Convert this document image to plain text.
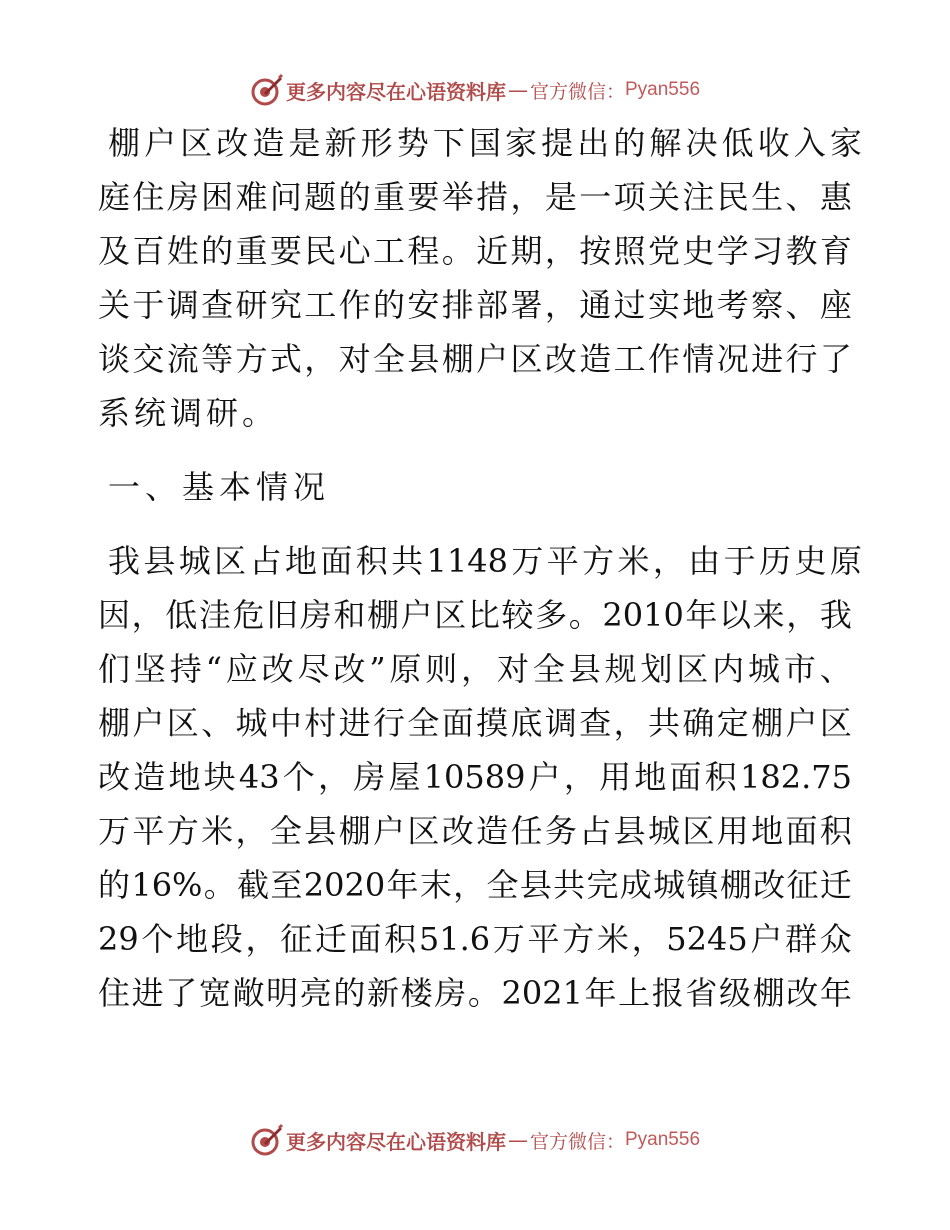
更多内容尽在心语资料库 — 官方微信： Pyan556
棚 户 区 改 造 是 新 形 势 下 国 家 提 出 的 解 决 低 收 入 家
庭 住 房 困 难 问 题 的 重 要 举 措 ， 是 一 项 关 注 民 生 、 惠
及 百 姓 的 重 要 民 心 工 程 。 近 期 ， 按 照 党 史 学 习 教 育
关 于 调 查 研 究 工 作 的 安 排 部 署 ， 通 过 实 地 考 察 、 座
谈 交 流 等 方 式 ， 对 全 县 棚 户 区 改 造 工 作 情 况 进 行 了
系统调研。
一、基本情况
我 县 城 区 占 地 面 积 共 1148 万 平 方 米 ， 由 于 历 史 原
因 ， 低 洼 危 旧 房 和 棚 户 区 比 较 多 。 2010 年 以 来 ， 我
们 坚 持 “ 应 改 尽 改 ” 原 则 ， 对 全 县 规 划 区 内 城 市 、
棚 户 区 、 城 中 村 进 行 全 面 摸 底 调 查 ， 共 确 定 棚 户 区
改 造 地 块 43 个 ， 房 屋 10589 户 ， 用 地 面 积 182.75
万 平 方 米 ， 全 县 棚 户 区 改 造 任 务 占 县 城 区 用 地 面 积
的 16% 。 截 至 2020 年 末 ， 全 县 共 完 成 城 镇 棚 改 征 迁
29 个 地 段 ， 征 迁 面 积 51.6 万 平 方 米 ， 5245 户 群 众
住 进 了 宽 敞 明 亮 的 新 楼 房 。 2021 年 上 报 省 级 棚 改 年
更多内容尽在心语资料库 — 官方微信： Pyan556
